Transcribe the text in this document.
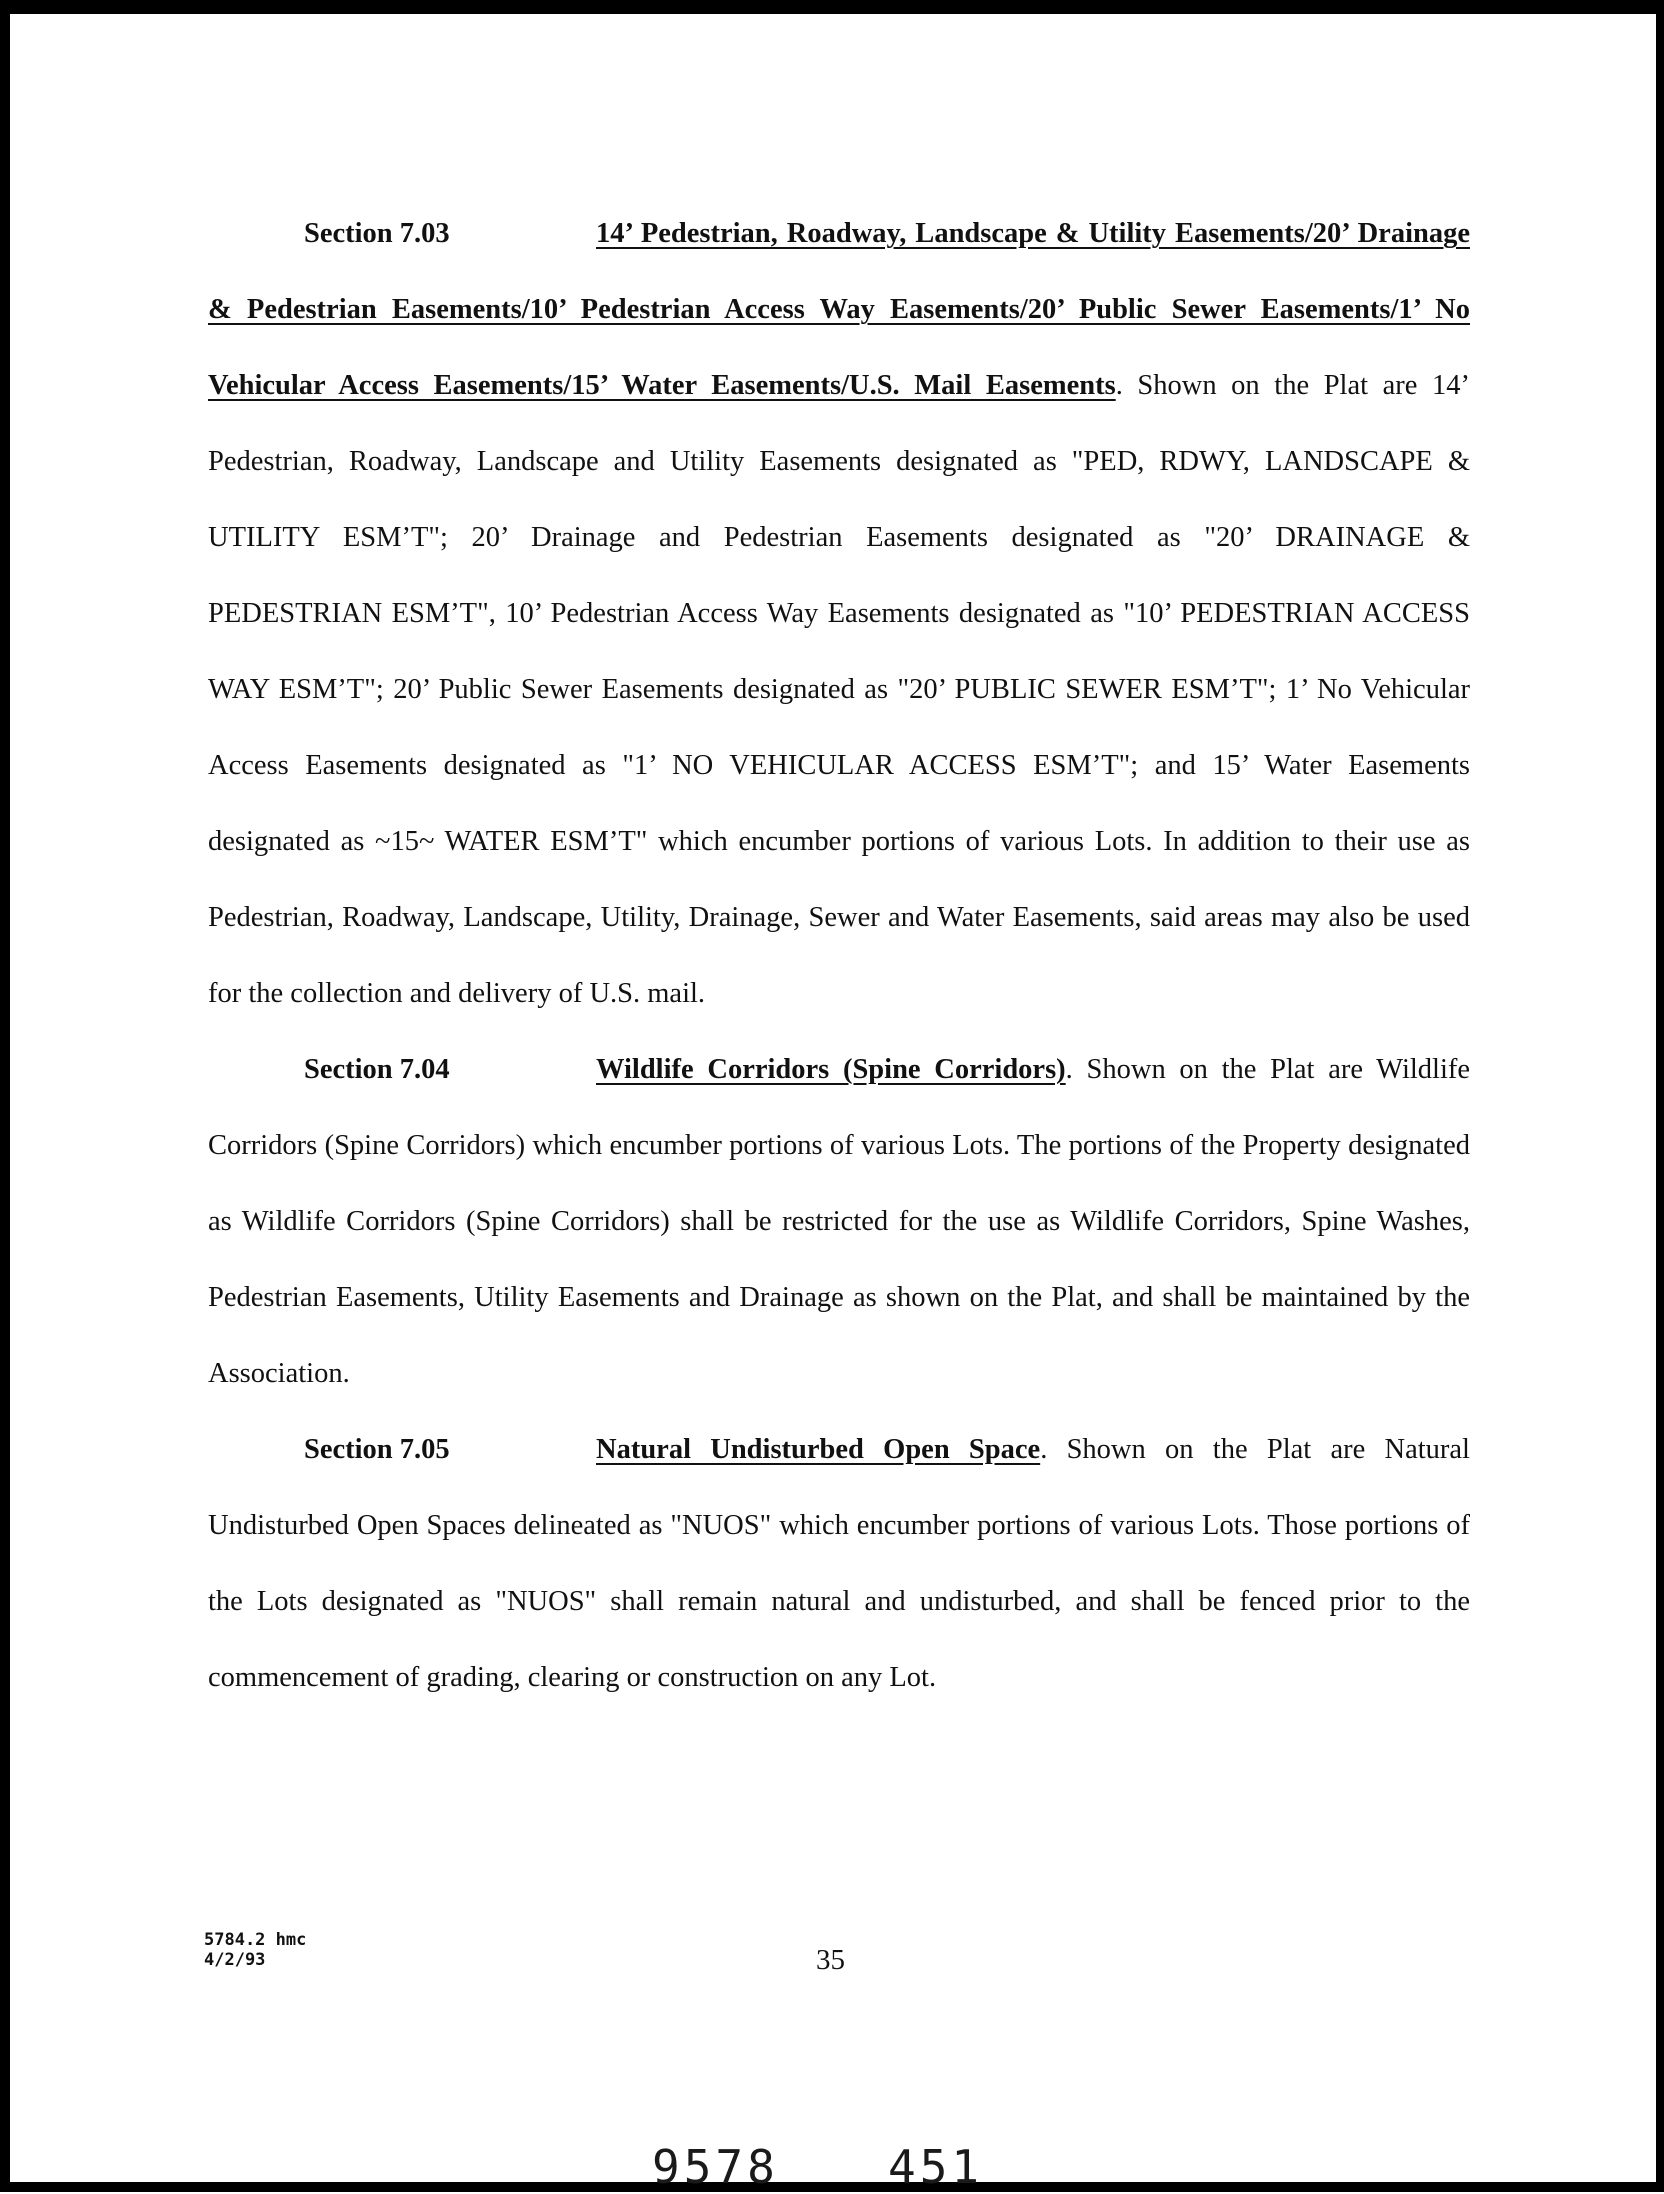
Section 7.03	14’ Pedestrian, Roadway, Landscape & Utility Easements/20’ Drainage & Pedestrian Easements/10’ Pedestrian Access Way Easements/20’ Public Sewer Easements/1’ No Vehicular Access Easements/15’ Water Easements/U.S. Mail Easements. Shown on the Plat are 14’ Pedestrian, Roadway, Landscape and Utility Easements designated as "PED, RDWY, LANDSCAPE & UTILITY ESM’T"; 20’ Drainage and Pedestrian Easements designated as "20’ DRAINAGE & PEDESTRIAN ESM’T", 10’ Pedestrian Access Way Easements designated as "10’ PEDESTRIAN ACCESS WAY ESM’T"; 20’ Public Sewer Easements designated as "20’ PUBLIC SEWER ESM’T"; 1’ No Vehicular Access Easements designated as "1’ NO VEHICULAR ACCESS ESM’T"; and 15’ Water Easements designated as ~15~ WATER ESM’T" which encumber portions of various Lots. In addition to their use as Pedestrian, Roadway, Landscape, Utility, Drainage, Sewer and Water Easements, said areas may also be used for the collection and delivery of U.S. mail.

Section 7.04	Wildlife Corridors (Spine Corridors). Shown on the Plat are Wildlife Corridors (Spine Corridors) which encumber portions of various Lots. The portions of the Property designated as Wildlife Corridors (Spine Corridors) shall be restricted for the use as Wildlife Corridors, Spine Washes, Pedestrian Easements, Utility Easements and Drainage as shown on the Plat, and shall be maintained by the Association.

Section 7.05	Natural Undisturbed Open Space. Shown on the Plat are Natural Undisturbed Open Spaces delineated as "NUOS" which encumber portions of various Lots. Those portions of the Lots designated as "NUOS" shall remain natural and undisturbed, and shall be fenced prior to the commencement of grading, clearing or construction on any Lot.

5784.2 hmc
4/2/93	35
9578 451
